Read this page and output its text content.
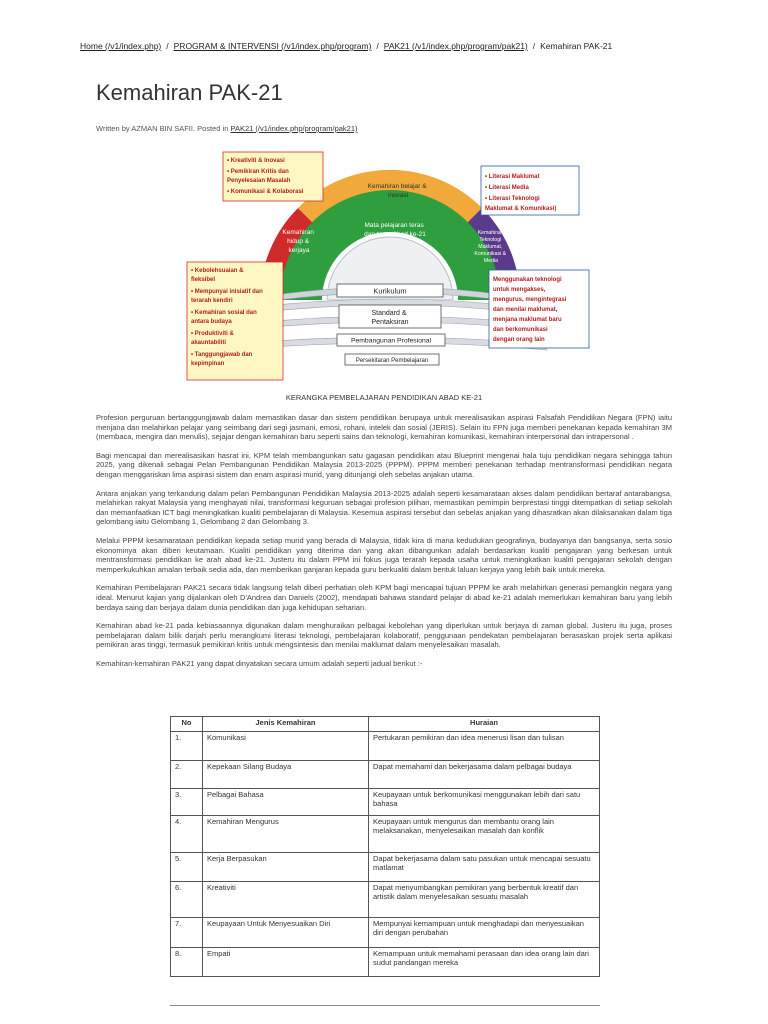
Home (/v1/index.php) / PROGRAM & INTERVENSI (/v1/index.php/program) / PAK21 (/v1/index.php/program/pak21) / Kemahiran PAK-21
Kemahiran PAK-21
Written by AZMAN BIN SAFII. Posted in PAK21 (/v1/index.php/program/pak21)
Kemahiran hidup & kerjaya
Kemahiran belajar & inovasi
Kemahiran Teknologi Maklumat, Komunikasi & Media
Mata pelajaran teras dan tema Abad ke-21
Kurikulum
Standard & Pentaksiran
Pembangunan Profesional
Persekitaran Pembelajaran
• Kreativiti & Inovasi • Pemikiran Kritis dan Penyelesaian Masalah • Komunikasi & Kolaborasi
• Literasi Maklumat • Literasi Media • Literasi Teknologi Maklumat & Komunikasi)
• Kebolehsuaian & fleksibel • Mempunyai inisiatif dan terarah kendiri • Kemahiran sosial dan antara budaya • Produktiviti & akauntabiliti • Tanggungjawab dan kepimpinan
Menggunakan teknologi untuk mengakses, mengurus, mengintegrasi dan menilai maklumat, menjana maklumat baru dan berkomunikasi dengan orang lain
KERANGKA PEMBELAJARAN PENDIDIKAN ABAD KE-21

Profesion perguruan bertanggungjawab dalam memastikan dasar dan sistem pendidikan berupaya untuk merealisasikan aspirasi Falsafah Pendidikan Negara (FPN) iaitu menjana dan melahirkan pelajar yang seimbang dari segi jasmani, emosi, rohani, intelek dan sosial (JERIS). Selain itu FPN juga memberi penekanan kepada kemahiran 3M (membaca, mengira dan menulis), sejajar dengan kemahiran baru seperti sains dan teknologi, kemahiran komunikasi, kemahiran interpersonal dan intrapersonal .

Bagi mencapai dan merealisasikan hasrat ini, KPM telah membangunkan satu gagasan pendidikan atau Blueprint mengenai hala tuju pendidikan negara sehingga tahun 2025, yang dikenali sebagai Pelan Pembangunan Pendidikan Malaysia 2013-2025 (PPPM). PPPM memberi penekanan terhadap mentransformasi pendidikan negara dengan menggariskan lima aspirasi sistem dan enam aspirasi murid, yang ditunjangi oleh sebelas anjakan utama.

Antara anjakan yang terkandung dalam pelan Pembangunan Pendidikan Malaysia 2013-2025 adalah seperti kesamarataan akses dalam pendidikan bertaraf antarabangsa, melahirkan rakyat Malaysia yang menghayati nilai, transformasi keguruan sebagai profesion pilihan, memastikan pemimpin berprestasi tinggi ditempatkan di setiap sekolah dan memanfaatkan ICT bagi meningkatkan kualiti pembelajaran di Malaysia. Kesemua aspirasi tersebut dan sebelas anjakan yang dihasratkan akan dilaksanakan dalam tiga gelombang iaitu Gelombang 1, Gelombang 2 dan Gelombang 3.

Melalui PPPM kesamarataan pendidikan kepada setiap murid yang berada di Malaysia, tidak kira di mana kedudukan geografinya, budayanya dan bangsanya, serta sosio ekonominya akan diberi keutamaan. Kualiti pendidikan yang diterima dan yang akan dibangunkan adalah berdasarkan kualiti pengajaran yang berkesan untuk mentransformasi pendidikan ke arah abad ke-21. Justeru itu dalam PPM ini fokus juga terarah kepada usaha untuk meningkatkan kualiti pengajaran sekolah dengan memperkukuhkan amalan terbaik sedia ada, dan memberikan ganjaran kepada guru berkualiti dalam bentuk laluan kerjaya yang lebih baik untuk mereka.

Kemahiran Pembelajaran PAK21 secara tidak langsung telah diberi perhatian oleh KPM bagi mencapai tujuan PPPM ke arah melahirkan generasi pemangkin negara yang ideal. Menurut kajian yang dijalankan oleh D'Andrea dan Daniels (2002), mendapati bahawa standard pelajar di abad ke-21 adalah memerlukan kemahiran baru yang lebih berdaya saing dan berjaya dalam dunia pendidikan dan juga kehidupan seharian.

Kemahiran abad ke-21 pada kebiasaannya digunakan dalam menghuraikan pelbagai kebolehan yang diperlukan untuk berjaya di zaman global. Justeru itu juga, proses pembelajaran dalam bilik darjah perlu merangkumi literasi teknologi, pembelajaran kolaboratif, penggunaan pendekatan pembelajaran berasaskan projek serta aplikasi pemikiran aras tinggi, termasuk pemikiran kritis untuk mengsintesis dan menilai maklumat dalam menyelesaikan masalah.

Kemahiran-kemahiran PAK21 yang dapat dinyatakan secara umum adalah seperti jadual berikut :-

No	Jenis Kemahiran	Huraian
1.	Komunikasi	Pertukaran pemikiran dan idea menerusi lisan dan tulisan
2.	Kepekaan Silang Budaya	Dapat memahami dan bekerjasama dalam pelbagai budaya
3.	Pelbagai Bahasa	Keupayaan untuk berkomunikasi menggunakan lebih dari satu bahasa
4.	Kemahiran Mengurus	Keupayaan untuk mengurus dan membantu orang lain melaksanakan, menyelesaikan masalah dan konflik
5.	Kerja Berpasukan	Dapat bekerjasama dalam satu pasukan untuk mencapai sesuatu matlamat
6.	Kreativiti	Dapat menyumbangkan pemikiran yang berbentuk kreatif dan artistik dalam menyelesaikan sesuatu masalah
7.	Keupayaan Untuk Menyesuaikan Diri	Mempunyai kemampuan untuk menghadapi dan menyesuaikan diri dengan perubahan
8.	Empati	Kemampuan untuk memahami perasaan dan idea orang lain dari sudut pandangan mereka
